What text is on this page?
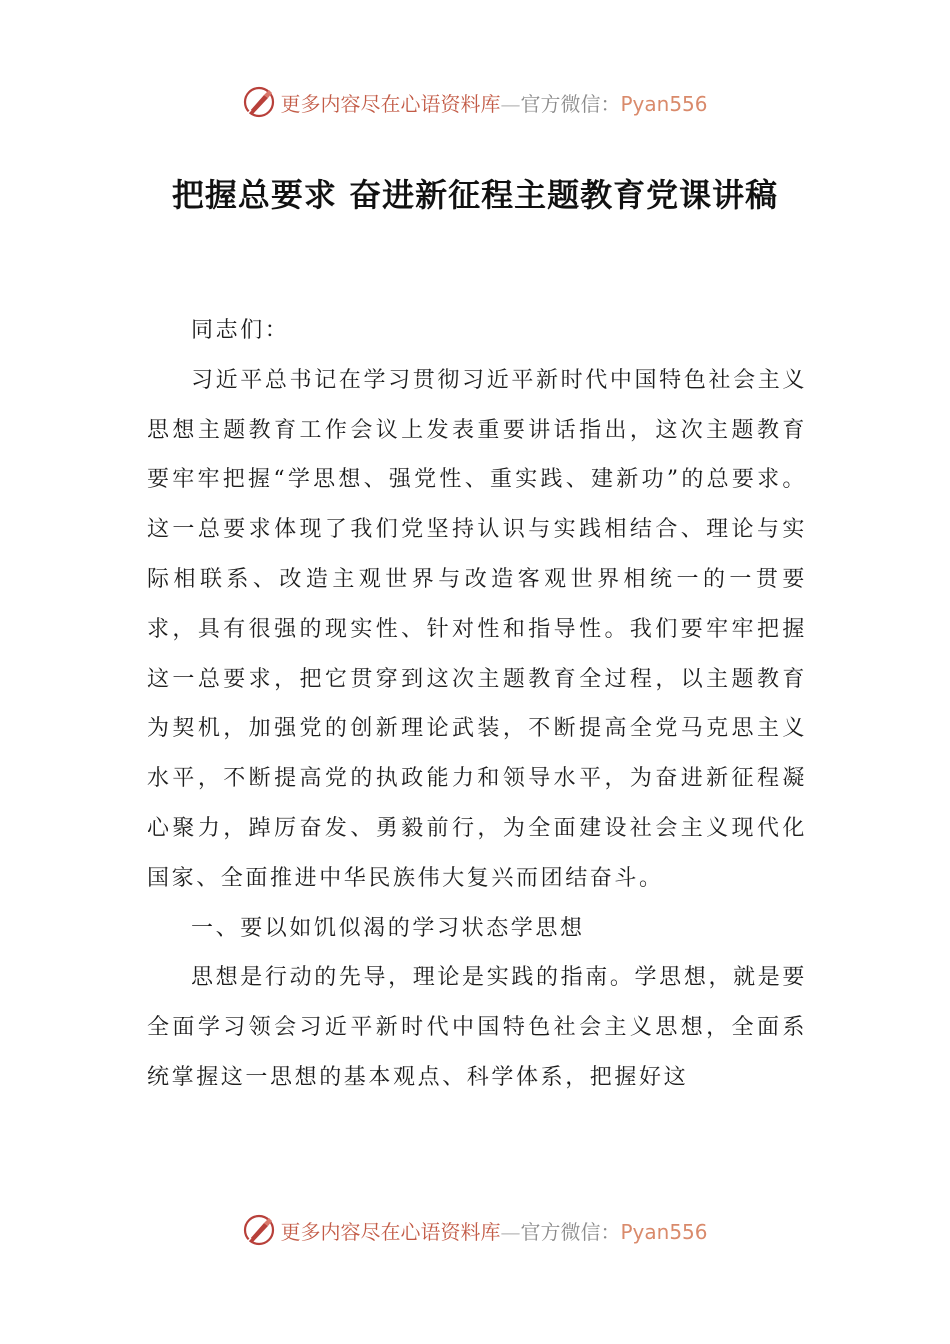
更多内容尽在心语资料库—官方微信：Pyan556
把握总要求 奋进新征程主题教育党课讲稿

同志们：

习近平总书记在学习贯彻习近平新时代中国特色社会主义思想主题教育工作会议上发表重要讲话指出，这次主题教育要牢牢把握“学思想、强党性、重实践、建新功”的总要求。这一总要求体现了我们党坚持认识与实践相结合、理论与实际相联系、改造主观世界与改造客观世界相统一的一贯要求，具有很强的现实性、针对性和指导性。我们要牢牢把握这一总要求，把它贯穿到这次主题教育全过程，以主题教育为契机，加强党的创新理论武装，不断提高全党马克思主义水平，不断提高党的执政能力和领导水平，为奋进新征程凝心聚力，踔厉奋发、勇毅前行，为全面建设社会主义现代化国家、全面推进中华民族伟大复兴而团结奋斗。

一、要以如饥似渴的学习状态学思想

思想是行动的先导，理论是实践的指南。学思想，就是要全面学习领会习近平新时代中国特色社会主义思想，全面系统掌握这一思想的基本观点、科学体系，把握好这

更多内容尽在心语资料库—官方微信：Pyan556
